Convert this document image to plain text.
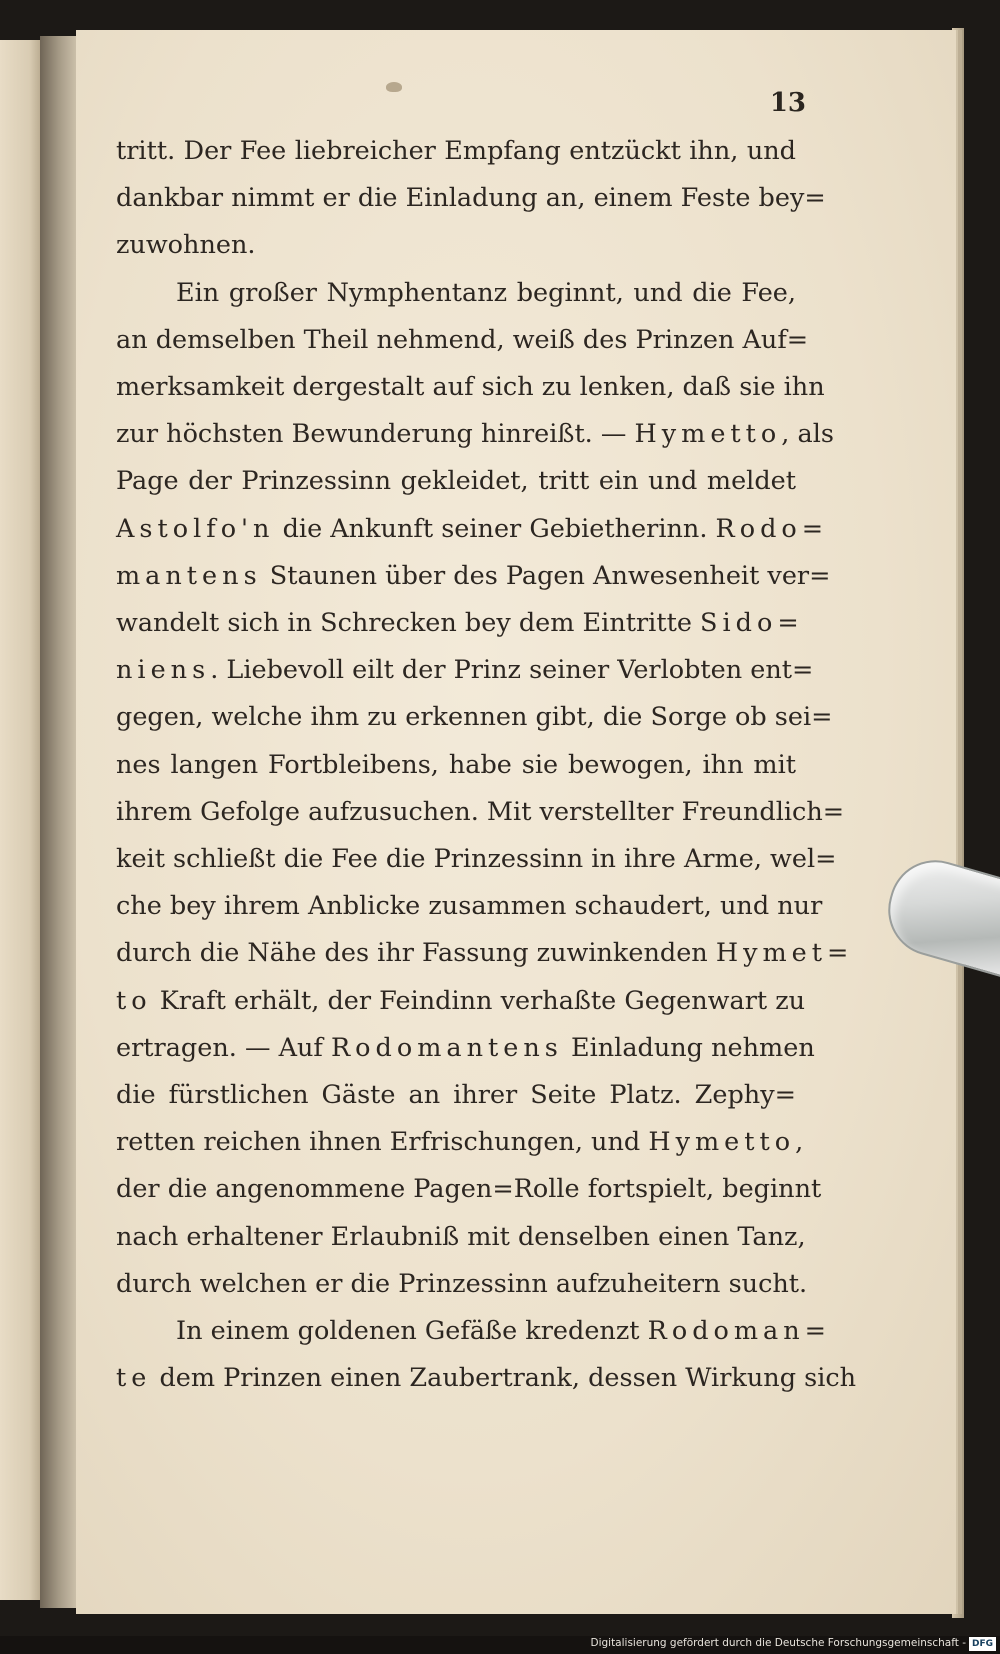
13
tritt. Der Fee liebreicher Empfang entzückt ihn, und
dankbar nimmt er die Einladung an, einem Feste bey=
zuwohnen.
Ein großer Nymphentanz beginnt, und die Fee,
an demselben Theil nehmend, weiß des Prinzen Auf=
merksamkeit dergestalt auf sich zu lenken, daß sie ihn
zur höchsten Bewunderung hinreißt. — Hymetto, als
Page der Prinzessinn gekleidet, tritt ein und meldet
Astolfo'n die Ankunft seiner Gebietherinn. Rodo=
mantens Staunen über des Pagen Anwesenheit ver=
wandelt sich in Schrecken bey dem Eintritte Sido=
niens. Liebevoll eilt der Prinz seiner Verlobten ent=
gegen, welche ihm zu erkennen gibt, die Sorge ob sei=
nes langen Fortbleibens, habe sie bewogen, ihn mit
ihrem Gefolge aufzusuchen. Mit verstellter Freundlich=
keit schließt die Fee die Prinzessinn in ihre Arme, wel=
che bey ihrem Anblicke zusammen schaudert, und nur
durch die Nähe des ihr Fassung zuwinkenden Hymet=
to Kraft erhält, der Feindinn verhaßte Gegenwart zu
ertragen. — Auf Rodomantens Einladung nehmen
die fürstlichen Gäste an ihrer Seite Platz. Zephy=
retten reichen ihnen Erfrischungen, und Hymetto,
der die angenommene Pagen=Rolle fortspielt, beginnt
nach erhaltener Erlaubniß mit denselben einen Tanz,
durch welchen er die Prinzessinn aufzuheitern sucht.
In einem goldenen Gefäße kredenzt Rodoman=
te dem Prinzen einen Zaubertrank, dessen Wirkung sich
Digitalisierung gefördert durch die Deutsche Forschungsgemeinschaft - DFG
